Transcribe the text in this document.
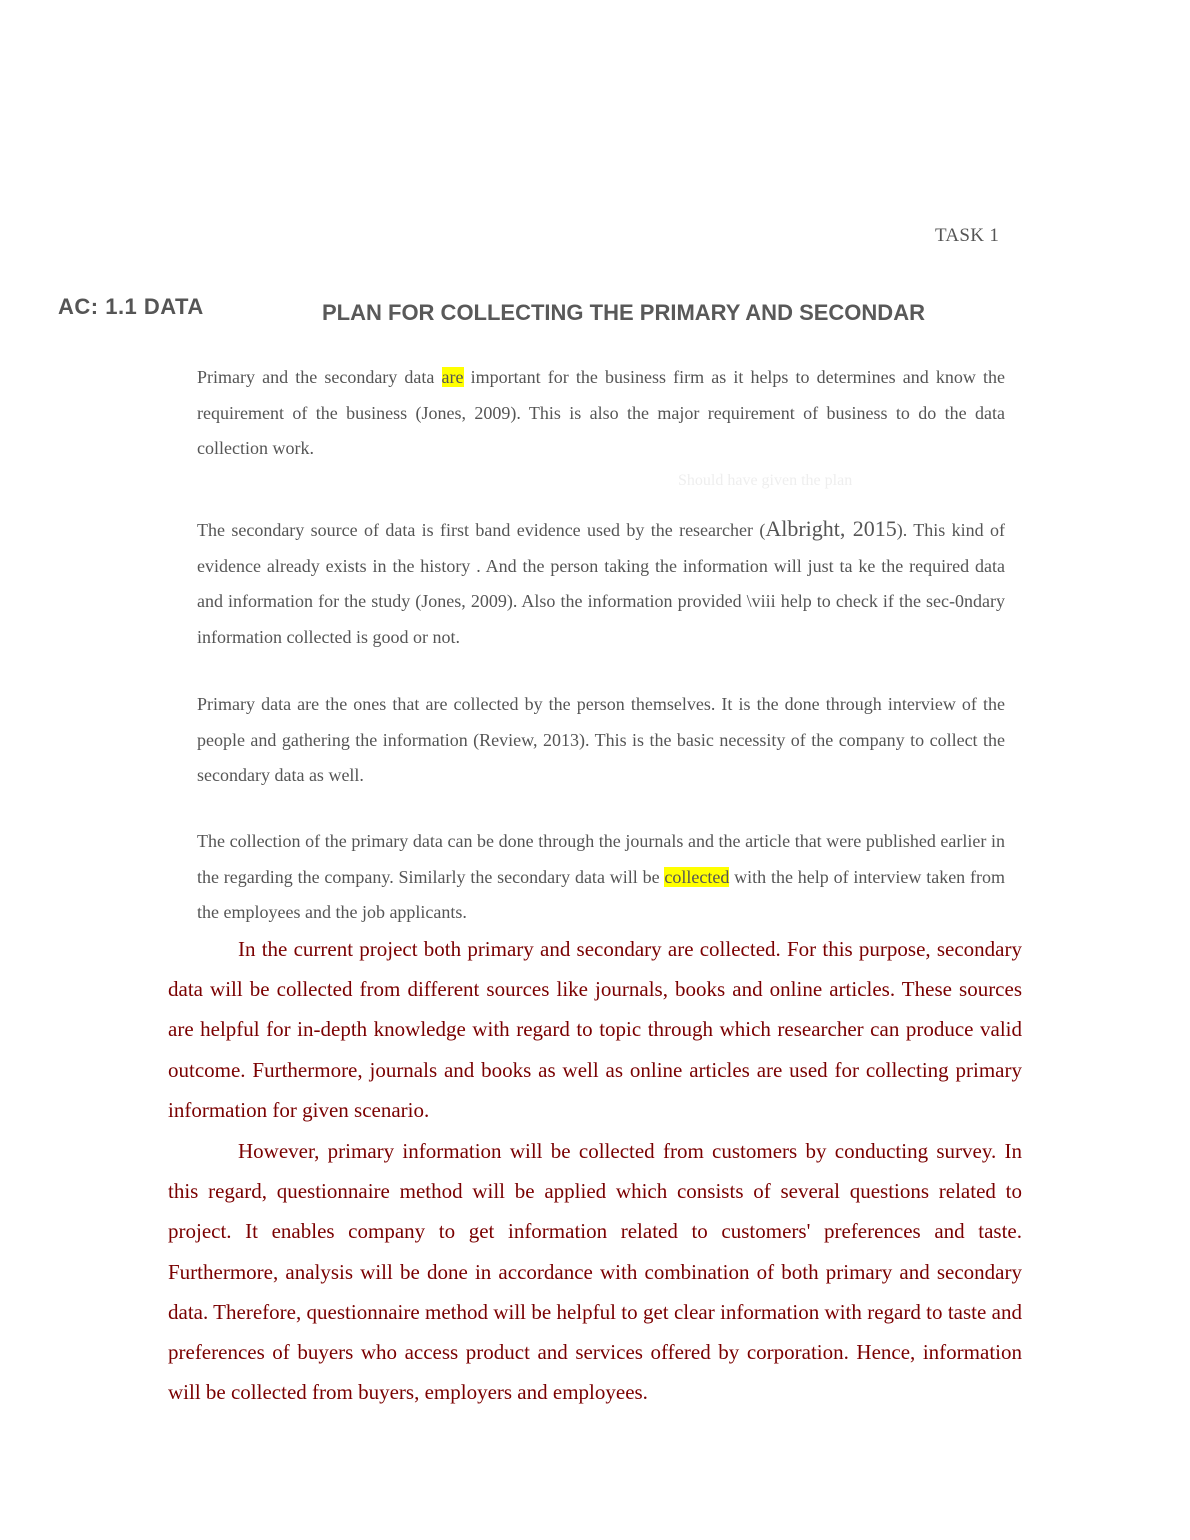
TASK 1
AC: 1.1 DATA	PLAN FOR COLLECTING THE PRIMARY AND SECONDAR

Primary and the secondary data are important for the business firm as it helps to determines and know the requirement of the business (Jones, 2009). This is also the major requirement of business to do the data collection work.

Should have given the plan

The secondary source of data is first band evidence used by the researcher (Albright, 2015). This kind of evidence already exists in the history . And the person taking the information will just ta ke the required data and information for the study (Jones, 2009). Also the information provided \viii help to check if the sec-0ndary information collected is good or not.

Primary data are the ones that are collected by the person themselves. It is the done through interview of the people and gathering the information (Review, 2013). This is the basic necessity of the company to collect the secondary data as well.

The collection of the primary data can be done through the journals and the article that were published earlier in the regarding the company. Similarly the secondary data will be collected with the help of interview taken from the employees and the job applicants.

In the current project both primary and secondary are collected. For this purpose, secondary data will be collected from different sources like journals, books and online articles. These sources are helpful for in-depth knowledge with regard to topic through which researcher can produce valid outcome. Furthermore, journals and books as well as online articles are used for collecting primary information for given scenario.

However, primary information will be collected from customers by conducting survey. In this regard, questionnaire method will be applied which consists of several questions related to project. It enables company to get information related to customers' preferences and taste. Furthermore, analysis will be done in accordance with combination of both primary and secondary data. Therefore, questionnaire method will be helpful to get clear information with regard to taste and preferences of buyers who access product and services offered by corporation. Hence, information will be collected from buyers, employers and employees.
